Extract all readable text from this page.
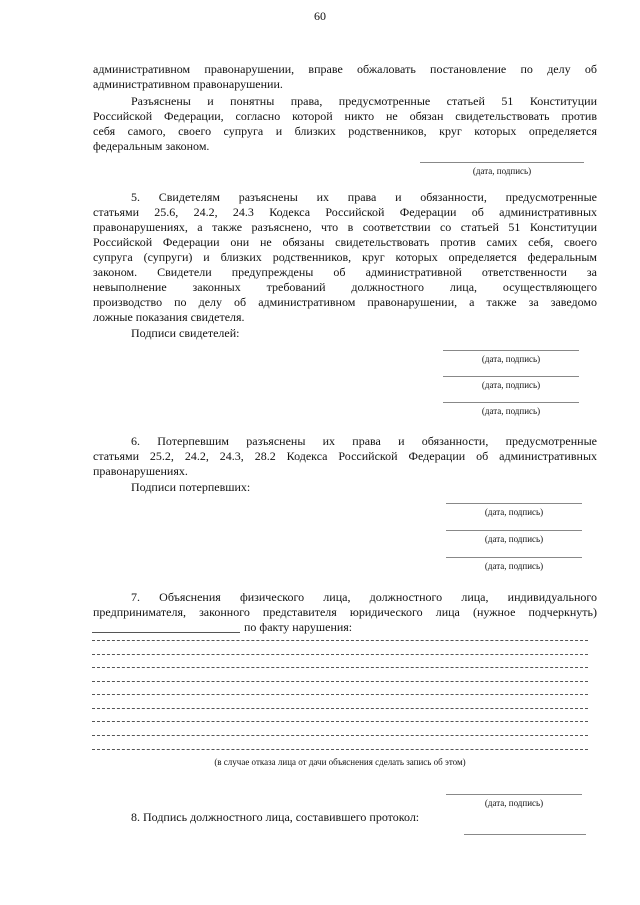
60

административном правонарушении, вправе обжаловать постановление по делу об

административном правонарушении.

Разъяснены и понятны права, предусмотренные статьей 51 Конституции

Российской Федерации, согласно которой никто не обязан свидетельствовать против

себя самого, своего супруга и близких родственников, круг которых определяется

федеральным законом.

(дата, подпись)

5. Свидетелям разъяснены их права и обязанности, предусмотренные

статьями 25.6, 24.2, 24.3 Кодекса Российской Федерации об административных

правонарушениях, а также разъяснено, что в соответствии со статьей 51 Конституции

Российской Федерации они не обязаны свидетельствовать против самих себя, своего

супруга (супруги) и близких родственников, круг которых определяется федеральным

законом. Свидетели предупреждены об административной ответственности за

невыполнение законных требований должностного лица, осуществляющего

производство по делу об административном правонарушении, а также за заведомо

ложные показания свидетеля.

Подписи свидетелей:

(дата, подпись)
(дата, подпись)
(дата, подпись)

6. Потерпевшим разъяснены их права и обязанности, предусмотренные

статьями 25.2, 24.2, 24.3, 28.2 Кодекса Российской Федерации об административных

правонарушениях.

Подписи потерпевших:

(дата, подпись)
(дата, подпись)
(дата, подпись)

7. Объяснения физического лица, должностного лица, индивидуального

предпринимателя, законного представителя юридического лица (нужное подчеркнуть)

по факту нарушения:
(в случае отказа лица от дачи объяснения сделать запись об этом)
(дата, подпись)

8. Подпись должностного лица, составившего протокол:
